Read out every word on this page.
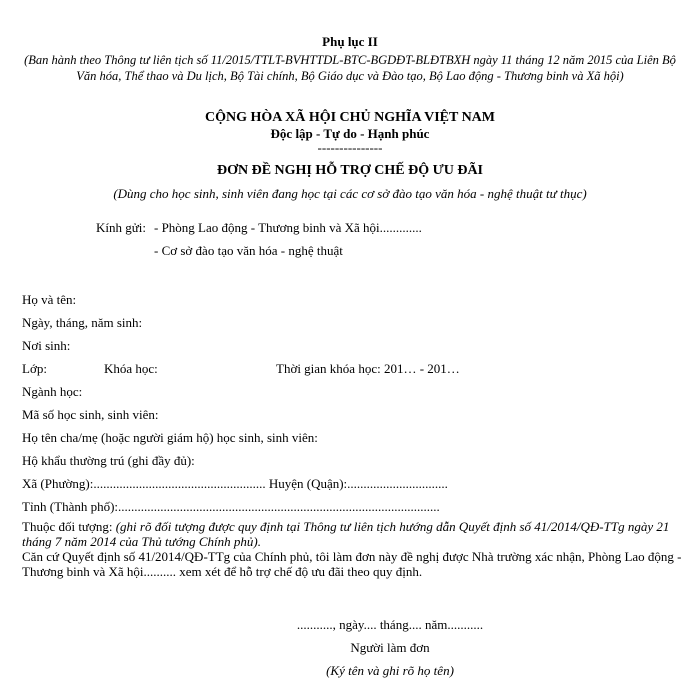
Phụ lục II
(Ban hành theo Thông tư liên tịch số 11/2015/TTLT-BVHTTDL-BTC-BGDĐT-BLĐTBXH ngày 11 tháng 12 năm 2015 của Liên Bộ Văn hóa, Thể thao và Du lịch, Bộ Tài chính, Bộ Giáo dục và Đào tạo, Bộ Lao động - Thương binh và Xã hội)
CỘNG HÒA XÃ HỘI CHỦ NGHĨA VIỆT NAM
Độc lập - Tự do - Hạnh phúc
---------------
ĐƠN ĐỀ NGHỊ HỖ TRỢ CHẾ ĐỘ ƯU ĐÃI
(Dùng cho học sinh, sinh viên đang học tại các cơ sở đào tạo văn hóa - nghệ thuật tư thục)
Kính gửi: - Phòng Lao động - Thương binh và Xã hội.............
- Cơ sở đào tạo văn hóa - nghệ thuật
Họ và tên:
Ngày, tháng, năm sinh:
Nơi sinh:
Lớp:	Khóa học:	Thời gian khóa học: 201… - 201…
Ngành học:
Mã số học sinh, sinh viên:
Họ tên cha/mẹ (hoặc người giám hộ) học sinh, sinh viên:
Hộ khẩu thường trú (ghi đầy đủ):
Xã (Phường):..................................................... Huyện (Quận):...............................
Tỉnh (Thành phố):...................................................................................................

Thuộc đối tượng: (ghi rõ đối tượng được quy định tại Thông tư liên tịch hướng dẫn Quyết định số 41/2014/QĐ-TTg ngày 21 tháng 7 năm 2014 của Thủ tướng Chính phủ).

Căn cứ Quyết định số 41/2014/QĐ-TTg của Chính phủ, tôi làm đơn này đề nghị được Nhà trường xác nhận, Phòng Lao động - Thương binh và Xã hội.......... xem xét để hỗ trợ chế độ ưu đãi theo quy định.

..........., ngày.... tháng.... năm...........
Người làm đơn
(Ký tên và ghi rõ họ tên)
